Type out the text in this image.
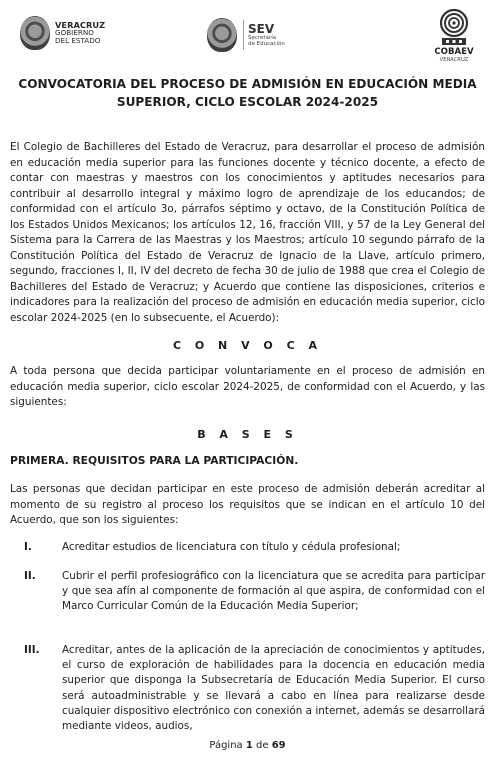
VERACRUZ
GOBIERNO
DEL ESTADO
SEV
Secretaría
de Educación
COBAEV
VERACRUZ
CONVOCATORIA DEL PROCESO DE ADMISIÓN EN EDUCACIÓN MEDIA
SUPERIOR, CICLO ESCOLAR 2024-2025
El Colegio de Bachilleres del Estado de Veracruz, para desarrollar el proceso de admisión en educación media superior para las funciones docente y técnico docente, a efecto de contar con maestras y maestros con los conocimientos y aptitudes necesarios para contribuir al desarrollo integral y máximo logro de aprendizaje de los educandos; de conformidad con el artículo 3o, párrafos séptimo y octavo, de la Constitución Política de los Estados Unidos Mexicanos; los artículos 12, 16, fracción VIII, y 57 de la Ley General del Sistema para la Carrera de las Maestras y los Maestros; artículo 10 segundo párrafo de la Constitución Política del Estado de Veracruz de Ignacio de la Llave, artículo primero, segundo, fracciones I, II, IV del decreto de fecha 30 de julio de 1988 que crea el Colegio de Bachilleres del Estado de Veracruz; y Acuerdo que contiene las disposiciones, criterios e indicadores para la realización del proceso de admisión en educación media superior, ciclo escolar 2024-2025 (en lo subsecuente, el Acuerdo):
C O N V O C A
A toda persona que decida participar voluntariamente en el proceso de admisión en educación media superior, ciclo escolar 2024-2025, de conformidad con el Acuerdo, y las siguientes:
B A S E S
PRIMERA. REQUISITOS PARA LA PARTICIPACIÓN.
Las personas que decidan participar en este proceso de admisión deberán acreditar al momento de su registro al proceso los requisitos que se indican en el artículo 10 del Acuerdo, que son los siguientes:
I.	Acreditar estudios de licenciatura con título y cédula profesional;
II.	Cubrir el perfil profesiográfico con la licenciatura que se acredita para participar y que sea afín al componente de formación al que aspira, de conformidad con el Marco Curricular Común de la Educación Media Superior;
III.	Acreditar, antes de la aplicación de la apreciación de conocimientos y aptitudes, el curso de exploración de habilidades para la docencia en educación media superior que disponga la Subsecretaría de Educación Media Superior. El curso será autoadministrable y se llevará a cabo en línea para realizarse desde cualquier dispositivo electrónico con conexión a internet, además se desarrollará mediante videos, audios,
Página 1 de 69
